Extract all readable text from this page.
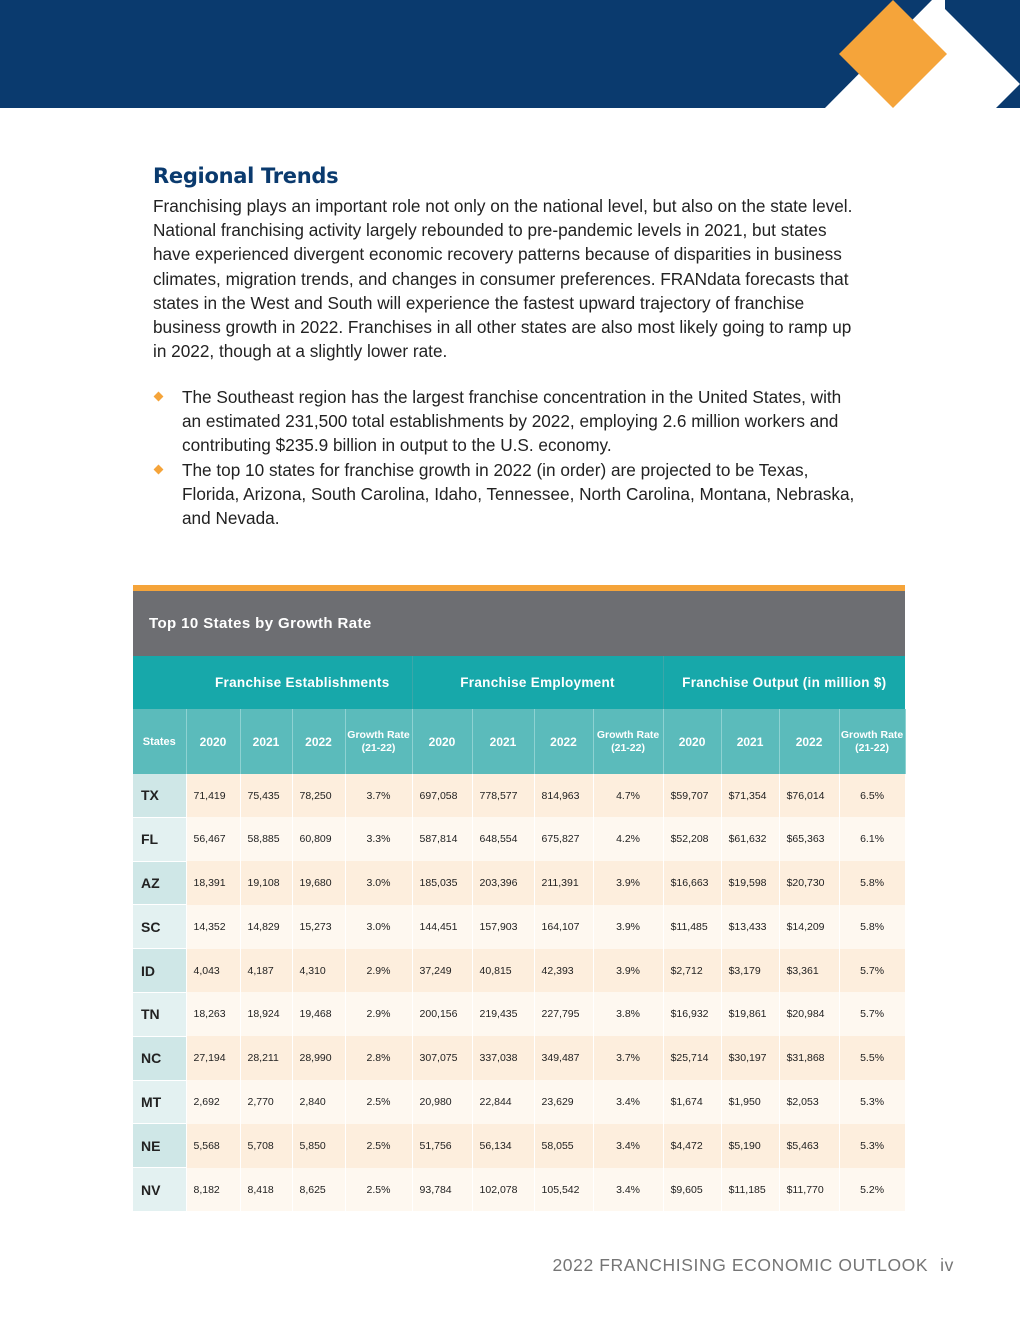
Regional Trends

Franchising plays an important role not only on the national level, but also on the state level. National franchising activity largely rebounded to pre-pandemic levels in 2021, but states have experienced divergent economic recovery patterns because of disparities in business climates, migration trends, and changes in consumer preferences. FRANdata forecasts that states in the West and South will experience the fastest upward trajectory of franchise business growth in 2022. Franchises in all other states are also most likely going to ramp up in 2022, though at a slightly lower rate.

The Southeast region has the largest franchise concentration in the United States, with an estimated 231,500 total establishments by 2022, employing 2.6 million workers and contributing $235.9 billion in output to the U.S. economy.
The top 10 states for franchise growth in 2022 (in order) are projected to be Texas, Florida, Arizona, South Carolina, Idaho, Tennessee, North Carolina, Montana, Nebraska, and Nevada.
Top 10 States by Growth Rate
Franchise Establishments					Franchise Employment				Franchise Output (in million $)			
States	2020	2021	2022	Growth Rate (21-22)	2020	2021	2022	Growth Rate (21-22)	2020	2021	2022	Growth Rate (21-22)
TX	71,419	75,435	78,250	3.7%	697,058	778,577	814,963	4.7%	$59,707	$71,354	$76,014	6.5%
FL	56,467	58,885	60,809	3.3%	587,814	648,554	675,827	4.2%	$52,208	$61,632	$65,363	6.1%
AZ	18,391	19,108	19,680	3.0%	185,035	203,396	211,391	3.9%	$16,663	$19,598	$20,730	5.8%
SC	14,352	14,829	15,273	3.0%	144,451	157,903	164,107	3.9%	$11,485	$13,433	$14,209	5.8%
ID	4,043	4,187	4,310	2.9%	37,249	40,815	42,393	3.9%	$2,712	$3,179	$3,361	5.7%
TN	18,263	18,924	19,468	2.9%	200,156	219,435	227,795	3.8%	$16,932	$19,861	$20,984	5.7%
NC	27,194	28,211	28,990	2.8%	307,075	337,038	349,487	3.7%	$25,714	$30,197	$31,868	5.5%
MT	2,692	2,770	2,840	2.5%	20,980	22,844	23,629	3.4%	$1,674	$1,950	$2,053	5.3%
NE	5,568	5,708	5,850	2.5%	51,756	56,134	58,055	3.4%	$4,472	$5,190	$5,463	5.3%
NV	8,182	8,418	8,625	2.5%	93,784	102,078	105,542	3.4%	$9,605	$11,185	$11,770	5.2%
2022 FRANCHISING ECONOMIC OUTLOOK iv
